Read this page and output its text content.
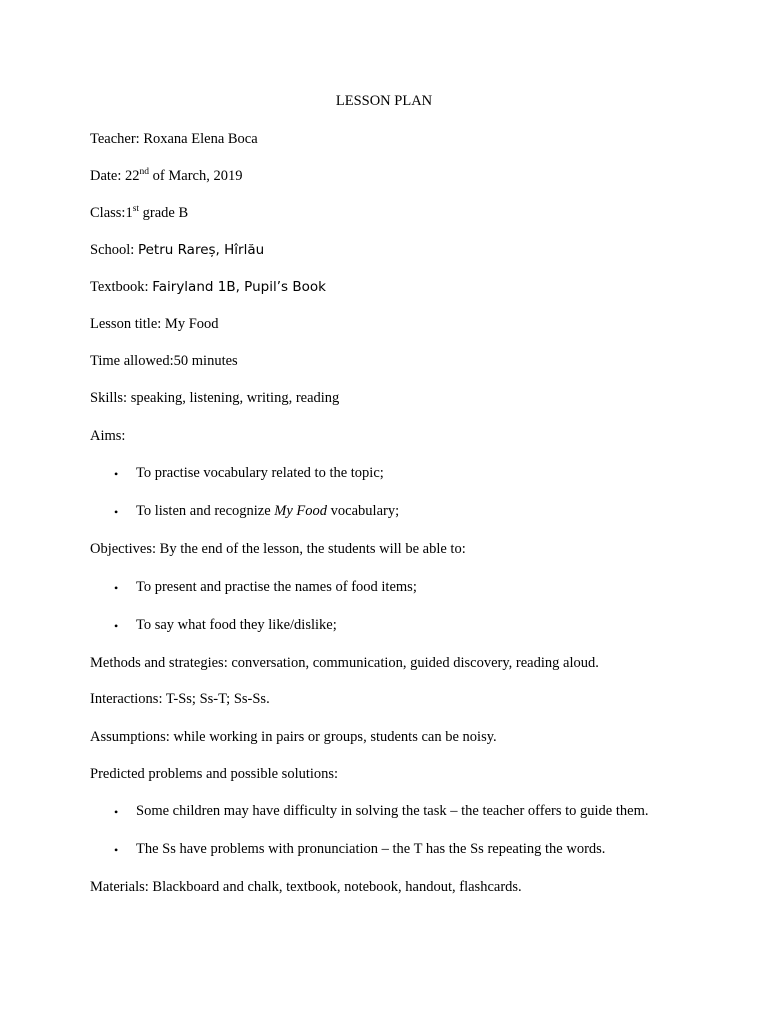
LESSON PLAN
Teacher: Roxana Elena Boca
Date: 22nd of March, 2019
Class:1st grade B
School: Petru Rareș, Hîrlău
Textbook: Fairyland 1B, Pupil’s Book
Lesson title: My Food
Time allowed:50 minutes
Skills: speaking, listening, writing, reading
Aims:
• To practise vocabulary related to the topic;
• To listen and recognize My Food vocabulary;
Objectives: By the end of the lesson, the students will be able to:
• To present and practise the names of food items;
• To say what food they like/dislike;
Methods and strategies: conversation, communication, guided discovery, reading aloud.
Interactions: T-Ss; Ss-T; Ss-Ss.
Assumptions: while working in pairs or groups, students can be noisy.
Predicted problems and possible solutions:
• Some children may have difficulty in solving the task – the teacher offers to guide them.
• The Ss have problems with pronunciation – the T has the Ss repeating the words.
Materials: Blackboard and chalk, textbook, notebook, handout, flashcards.
